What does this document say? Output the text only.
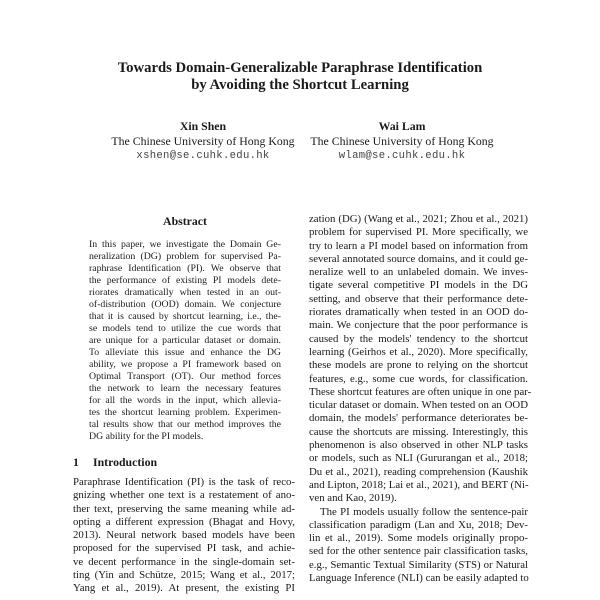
Towards Domain-Generalizable Paraphrase Identification
by Avoiding the Shortcut Learning
Xin Shen
The Chinese University of Hong Kong
xshen@se.cuhk.edu.hk
Wai Lam
The Chinese University of Hong Kong
wlam@se.cuhk.edu.hk
Abstract
In this paper, we investigate the Domain Ge-
neralization (DG) problem for supervised Pa-
raphrase Identification (PI). We observe that
the performance of existing PI models dete-
riorates dramatically when tested in an out-
of-distribution (OOD) domain. We conjecture
that it is caused by shortcut learning, i.e., the-
se models tend to utilize the cue words that
are unique for a particular dataset or domain.
To alleviate this issue and enhance the DG
ability, we propose a PI framework based on
Optimal Transport (OT). Our method forces
the network to learn the necessary features
for all the words in the input, which allevia-
tes the shortcut learning problem. Experimen-
tal results show that our method improves the
DG ability for the PI models.
1 Introduction
Paraphrase Identification (PI) is the task of reco-
gnizing whether one text is a restatement of ano-
ther text, preserving the same meaning while ad-
opting a different expression (Bhagat and Hovy,
2013). Neural network based models have been
proposed for the supervised PI task, and achie-
ve decent performance in the single-domain set-
ting (Yin and Schütze, 2015; Wang et al., 2017;
Yang et al., 2019). At present, the existing PI
zation (DG) (Wang et al., 2021; Zhou et al., 2021)
problem for supervised PI. More specifically, we
try to learn a PI model based on information from
several annotated source domains, and it could ge-
neralize well to an unlabeled domain. We inves-
tigate several competitive PI models in the DG
setting, and observe that their performance dete-
riorates dramatically when tested in an OOD do-
main. We conjecture that the poor performance is
caused by the models' tendency to the shortcut
learning (Geirhos et al., 2020). More specifically,
these models are prone to relying on the shortcut
features, e.g., some cue words, for classification.
These shortcut features are often unique in one par-
ticular dataset or domain. When tested on an OOD
domain, the models' performance deteriorates be-
cause the shortcuts are missing. Interestingly, this
phenomenon is also observed in other NLP tasks
or models, such as NLI (Gururangan et al., 2018;
Du et al., 2021), reading comprehension (Kaushik
and Lipton, 2018; Lai et al., 2021), and BERT (Ni-
ven and Kao, 2019).
The PI models usually follow the sentence-pair
classification paradigm (Lan and Xu, 2018; Dev-
lin et al., 2019). Some models originally propo-
sed for the other sentence pair classification tasks,
e.g., Semantic Textual Similarity (STS) or Natural
Language Inference (NLI) can be easily adapted to
